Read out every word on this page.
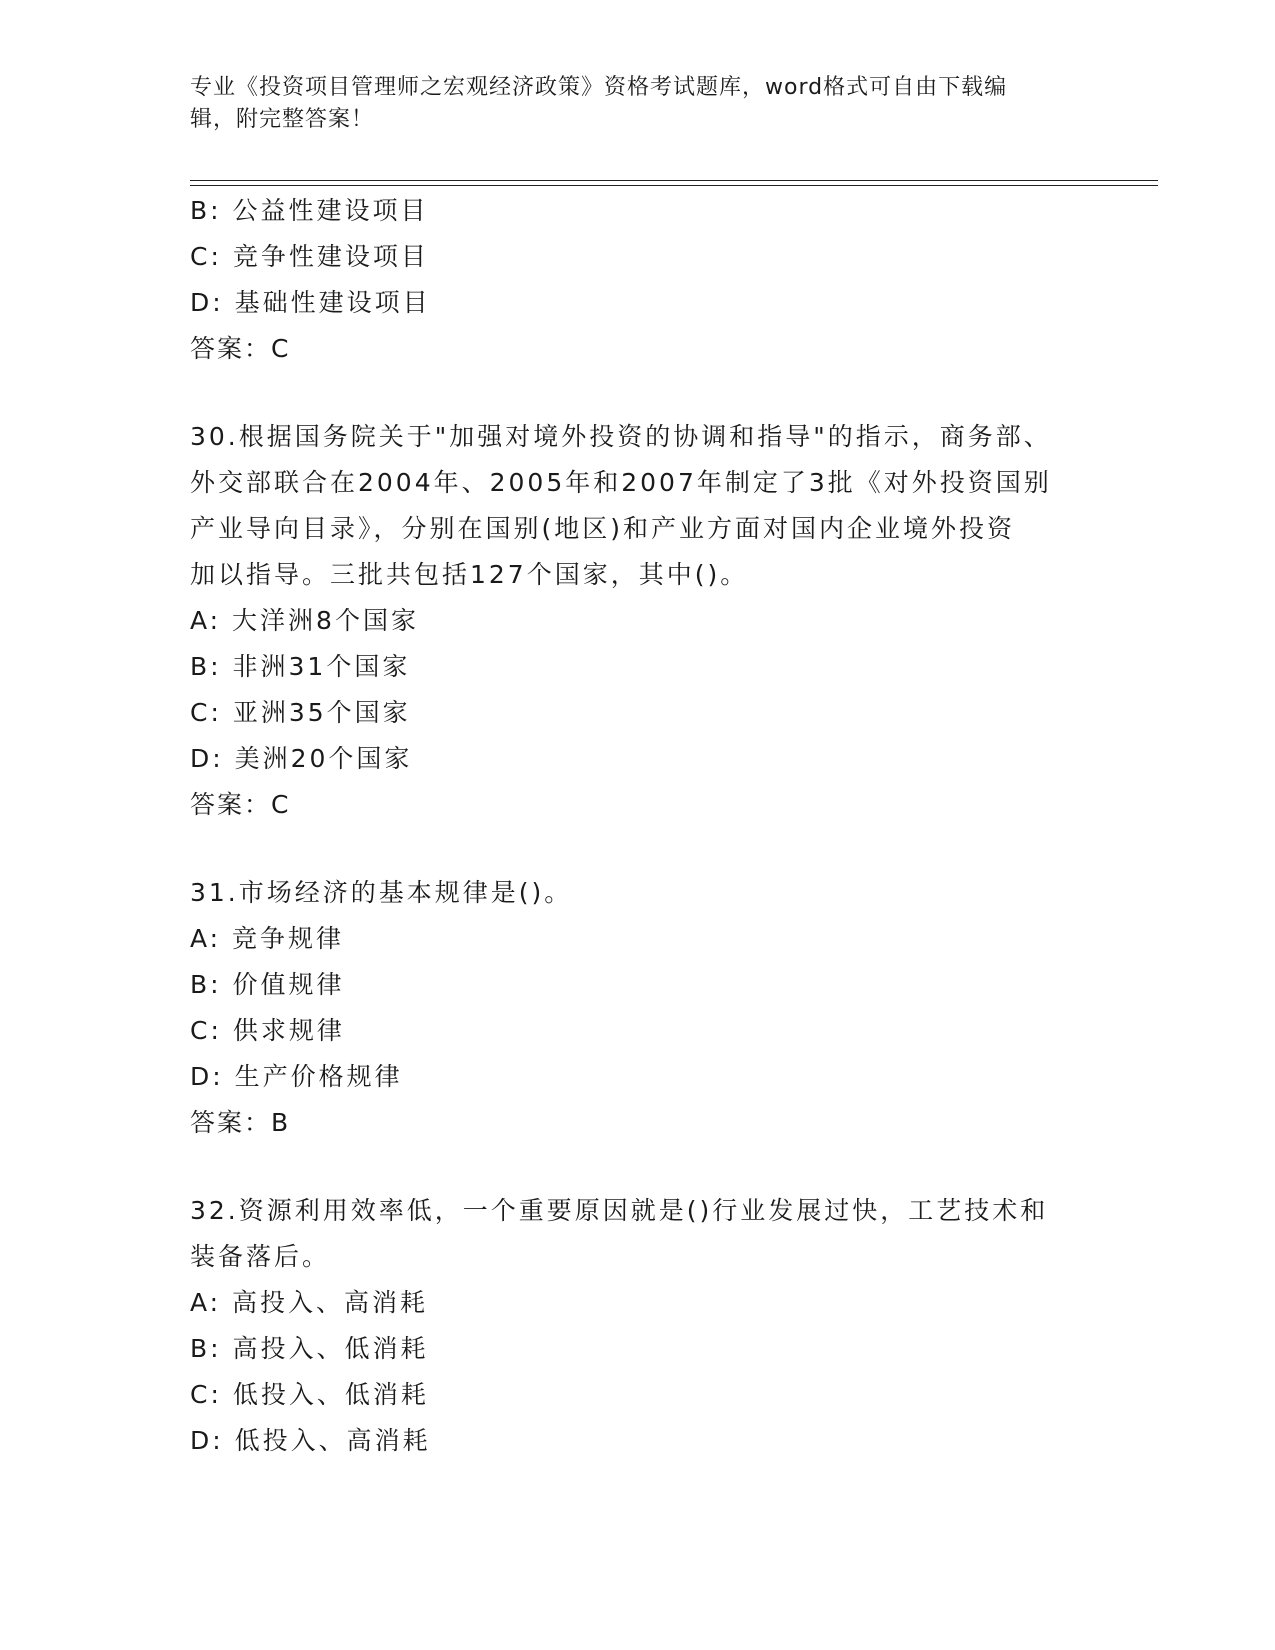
专业《投资项目管理师之宏观经济政策》资格考试题库，word格式可自由下载编
辑，附完整答案！
B: 公益性建设项目
C: 竞争性建设项目
D: 基础性建设项目
答案：C
30.根据国务院关于"加强对境外投资的协调和指导"的指示，商务部、
外交部联合在2004年、2005年和2007年制定了3批《对外投资国别
产业导向目录》，分别在国别(地区)和产业方面对国内企业境外投资
加以指导。三批共包括127个国家，其中()。
A: 大洋洲8个国家
B: 非洲31个国家
C: 亚洲35个国家
D: 美洲20个国家
答案：C
31.市场经济的基本规律是()。
A: 竞争规律
B: 价值规律
C: 供求规律
D: 生产价格规律
答案：B
32.资源利用效率低，一个重要原因就是()行业发展过快，工艺技术和
装备落后。
A: 高投入、高消耗
B: 高投入、低消耗
C: 低投入、低消耗
D: 低投入、高消耗
